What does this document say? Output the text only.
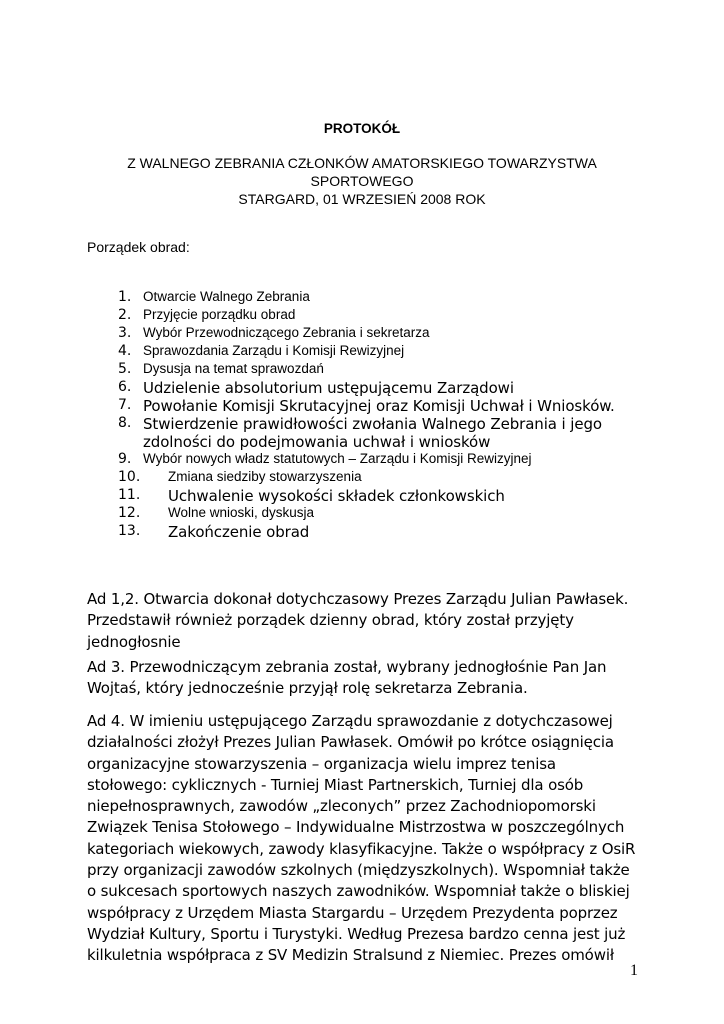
PROTOKÓŁ
Z WALNEGO ZEBRANIA CZŁONKÓW AMATORSKIEGO TOWARZYSTWA
SPORTOWEGO
STARGARD, 01 WRZESIEŃ 2008 ROK
Porządek obrad:
1. Otwarcie Walnego Zebrania
2. Przyjęcie porządku obrad
3. Wybór Przewodniczącego Zebrania i sekretarza
4. Sprawozdania Zarządu i Komisji Rewizyjnej
5. Dysusja na temat sprawozdań
6. Udzielenie absolutorium ustępującemu Zarządowi
7. Powołanie Komisji Skrutacyjnej oraz Komisji Uchwał i Wniosków.
8. Stwierdzenie prawidłowości zwołania Walnego Zebrania i jego
zdolności do podejmowania uchwał i wniosków
9. Wybór nowych władz statutowych – Zarządu i Komisji Rewizyjnej
10.	Zmiana siedziby stowarzyszenia
11.	Uchwalenie wysokości składek członkowskich
12.	Wolne wnioski, dyskusja
13.	Zakończenie obrad
Ad 1,2. Otwarcia dokonał dotychczasowy Prezes Zarządu Julian Pawłasek.
Przedstawił również porządek dzienny obrad, który został przyjęty
jednogłosnie
Ad 3. Przewodniczącym zebrania został, wybrany jednogłośnie Pan Jan
Wojtaś, który jednocześnie przyjął rolę sekretarza Zebrania.
Ad 4. W imieniu ustępującego Zarządu sprawozdanie z dotychczasowej
działalności złożył Prezes Julian Pawłasek. Omówił po krótce osiągnięcia
organizacyjne stowarzyszenia – organizacja wielu imprez tenisa
stołowego: cyklicznych - Turniej Miast Partnerskich, Turniej dla osób
niepełnosprawnych, zawodów „zleconych” przez Zachodniopomorski
Związek Tenisa Stołowego – Indywidualne Mistrzostwa w poszczególnych
kategoriach wiekowych, zawody klasyfikacyjne. Także o współpracy z OsiR
przy organizacji zawodów szkolnych (międzyszkolnych). Wspomniał także
o sukcesach sportowych naszych zawodników. Wspomniał także o bliskiej
współpracy z Urzędem Miasta Stargardu – Urzędem Prezydenta poprzez
Wydział Kultury, Sportu i Turystyki. Według Prezesa bardzo cenna jest już
kilkuletnia współpraca z SV Medizin Stralsund z Niemiec. Prezes omówił
1
